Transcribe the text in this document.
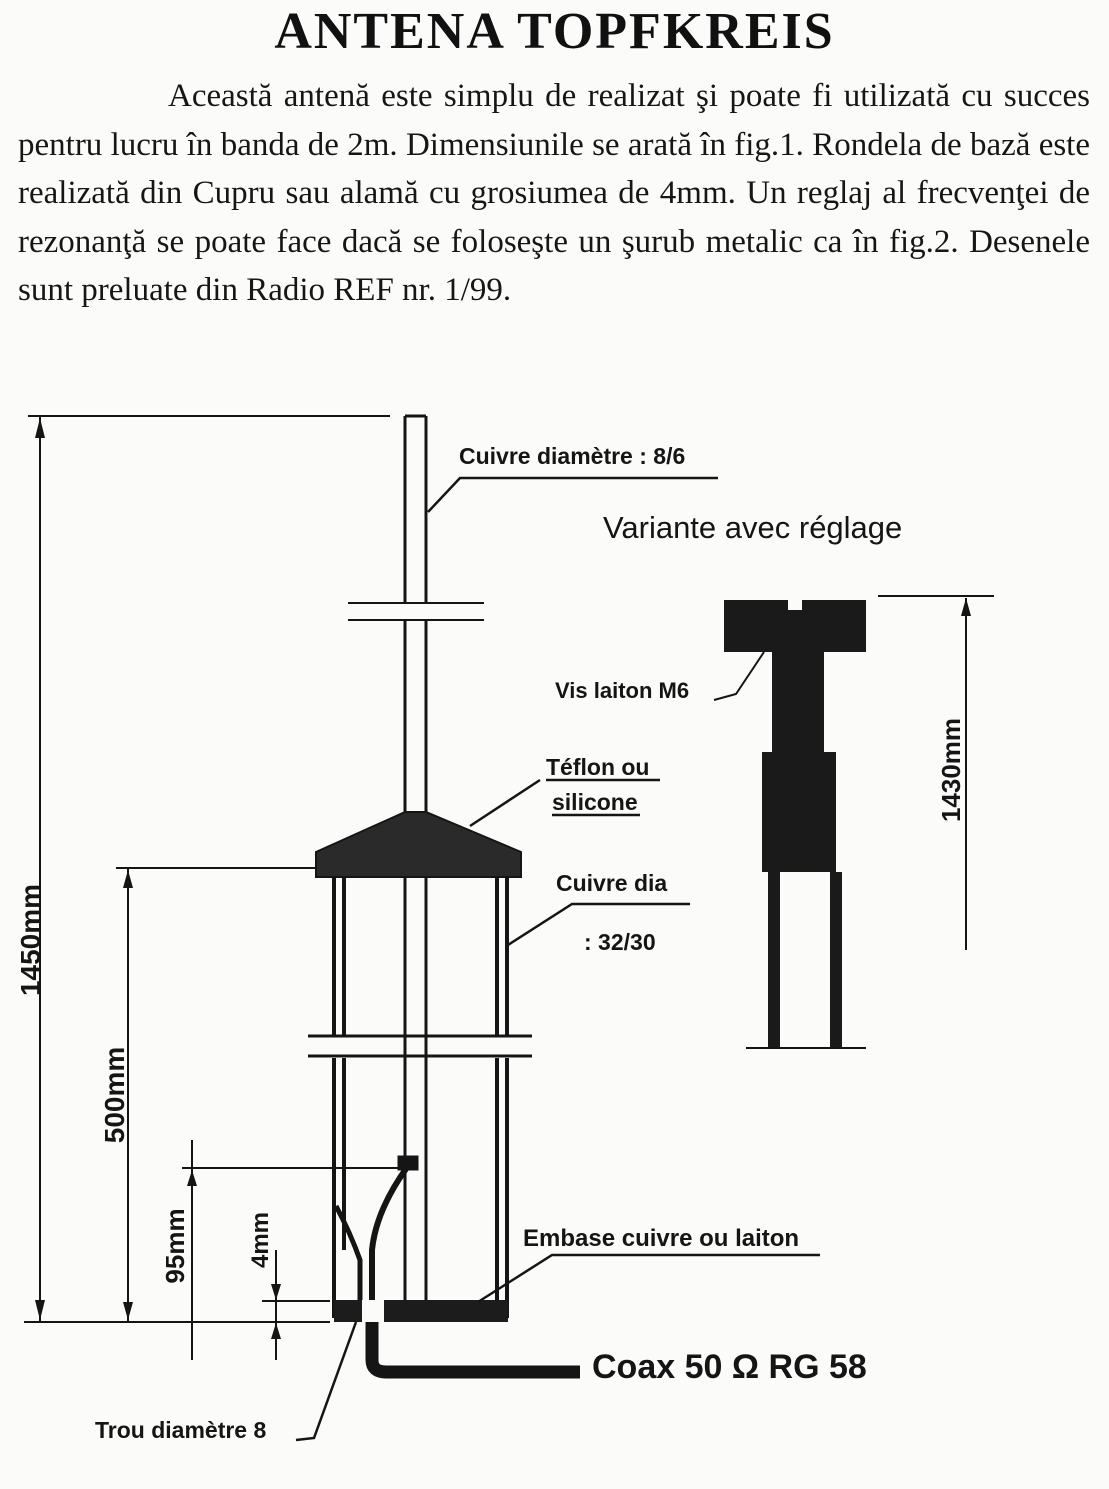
ANTENA TOPFKREIS

Această antenă este simplu de realizat şi poate fi utilizată cu succes pentru lucru în banda de 2m. Dimensiunile se arată în fig.1. Rondela de bază este realizată din Cupru sau alamă cu grosiumea de 4mm. Un reglaj al frecvenţei de rezonanţă se poate face dacă se foloseşte un şurub metalic ca în fig.2. Desenele sunt preluate din Radio REF nr. 1/99.

Cuivre diamètre : 8/6
Téflon ou
silicone
Cuivre dia
: 32/30
Embase cuivre ou laiton
Trou diamètre 8
Coax 50 Ω RG 58
1450mm
500mm
95mm 4mm
Variante avec réglage
1430mm
Vis laiton M6
